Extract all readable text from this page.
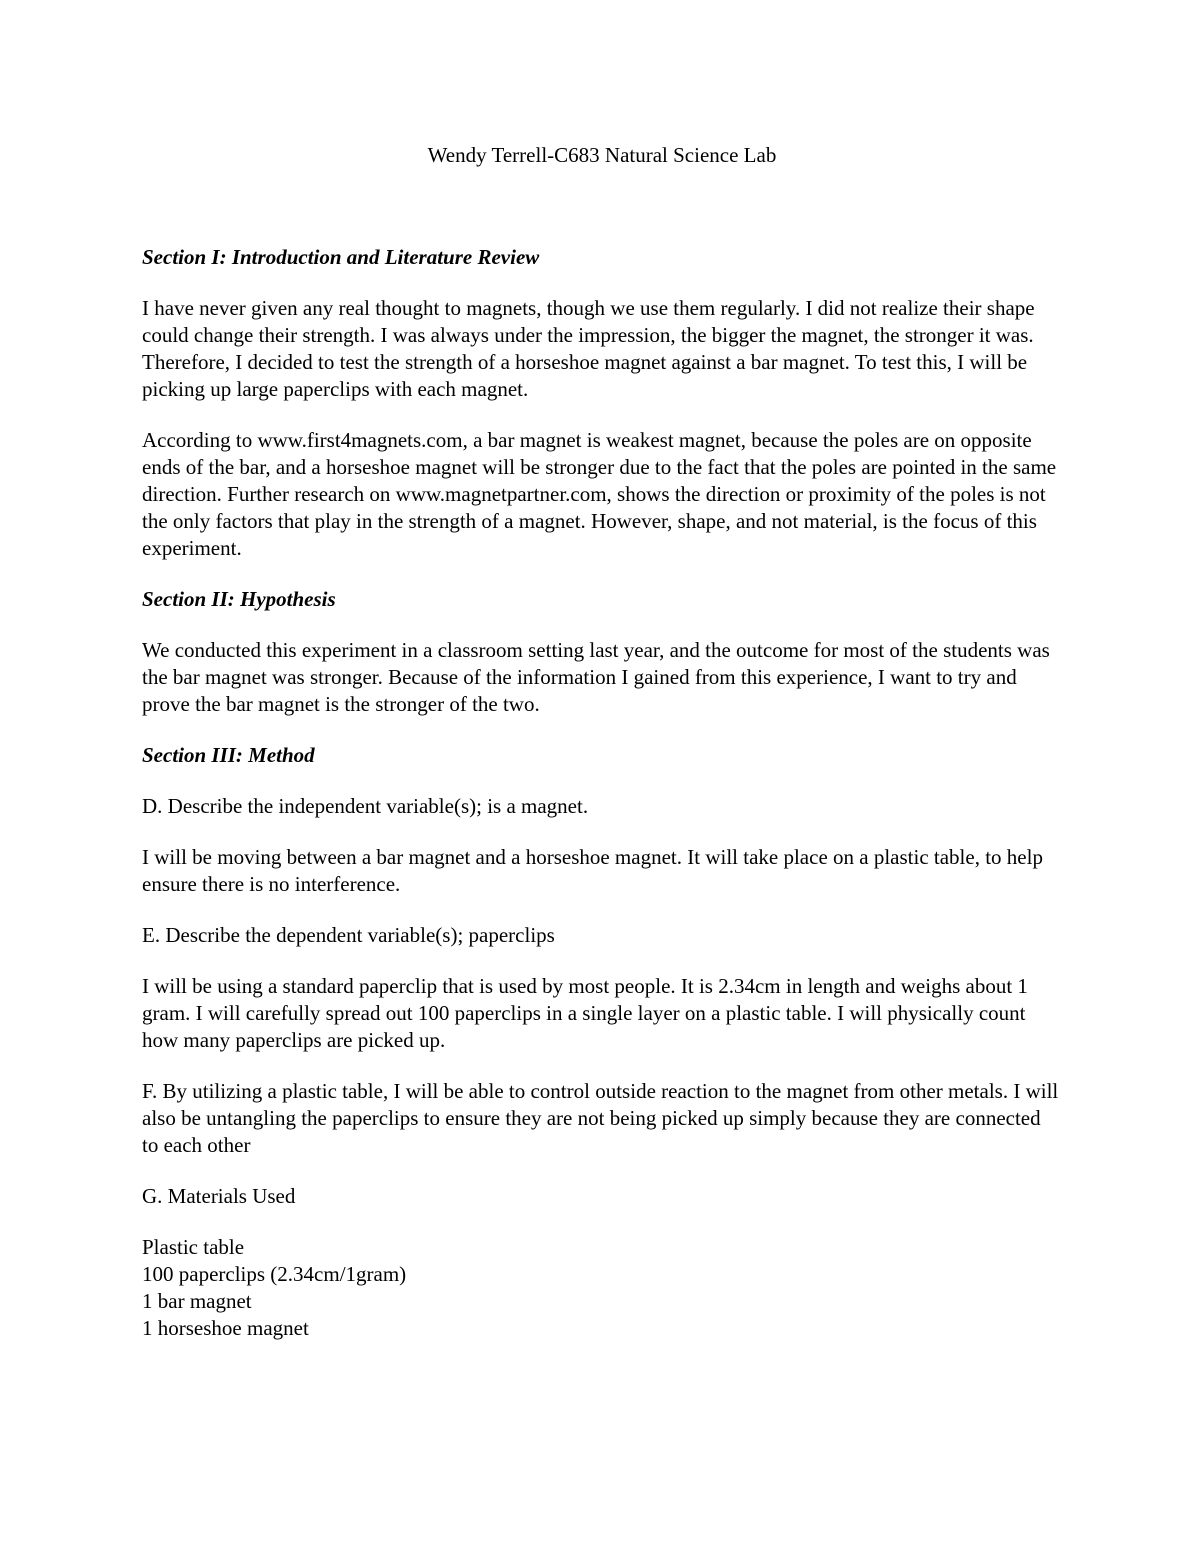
Wendy Terrell-C683 Natural Science Lab

Section I: Introduction and Literature Review

I have never given any real thought to magnets, though we use them regularly. I did not realize their shape could change their strength. I was always under the impression, the bigger the magnet, the stronger it was. Therefore, I decided to test the strength of a horseshoe magnet against a bar magnet. To test this, I will be picking up large paperclips with each magnet.

According to www.first4magnets.com, a bar magnet is weakest magnet, because the poles are on opposite ends of the bar, and a horseshoe magnet will be stronger due to the fact that the poles are pointed in the same direction. Further research on www.magnetpartner.com, shows the direction or proximity of the poles is not the only factors that play in the strength of a magnet. However, shape, and not material, is the focus of this experiment.

Section II: Hypothesis

We conducted this experiment in a classroom setting last year, and the outcome for most of the students was the bar magnet was stronger. Because of the information I gained from this experience, I want to try and prove the bar magnet is the stronger of the two.

Section III: Method

D. Describe the independent variable(s); is a magnet.

I will be moving between a bar magnet and a horseshoe magnet. It will take place on a plastic table, to help ensure there is no interference.

E. Describe the dependent variable(s); paperclips

I will be using a standard paperclip that is used by most people. It is 2.34cm in length and weighs about 1 gram. I will carefully spread out 100 paperclips in a single layer on a plastic table. I will physically count how many paperclips are picked up.

F. By utilizing a plastic table, I will be able to control outside reaction to the magnet from other metals. I will also be untangling the paperclips to ensure they are not being picked up simply because they are connected to each other

G. Materials Used

Plastic table
100 paperclips (2.34cm/1gram)
1 bar magnet
1 horseshoe magnet
